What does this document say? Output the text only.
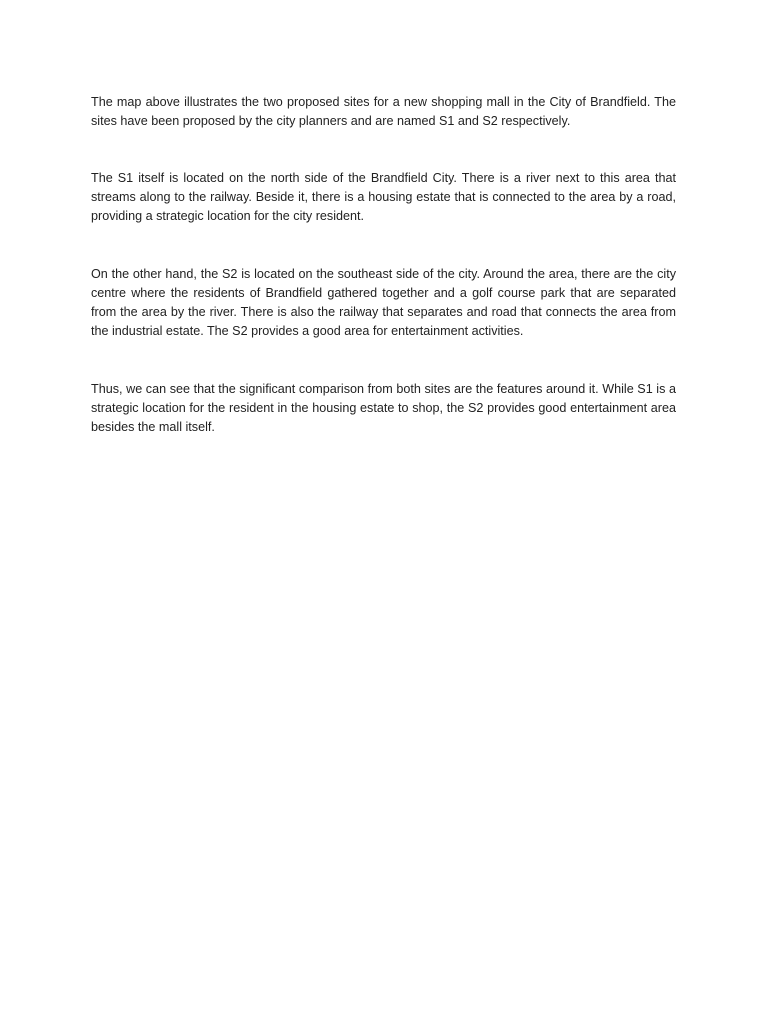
The map above illustrates the two proposed sites for a new shopping mall in the City of Brandfield. The sites have been proposed by the city planners and are named S1 and S2 respectively.

The S1 itself is located on the north side of the Brandfield City. There is a river next to this area that streams along to the railway. Beside it, there is a housing estate that is connected to the area by a road, providing a strategic location for the city resident.

On the other hand, the S2 is located on the southeast side of the city. Around the area, there are the city centre where the residents of Brandfield gathered together and a golf course park that are separated from the area by the river. There is also the railway that separates and road that connects the area from the industrial estate. The S2 provides a good area for entertainment activities.

Thus, we can see that the significant comparison from both sites are the features around it. While S1 is a strategic location for the resident in the housing estate to shop, the S2 provides good entertainment area besides the mall itself.
